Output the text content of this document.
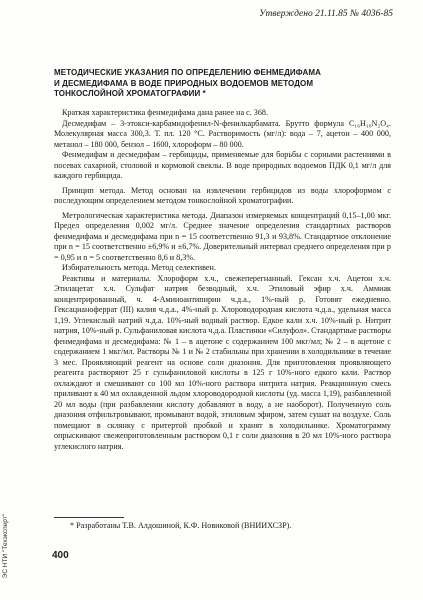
Утверждено 21.11.85 № 4036-85
МЕТОДИЧЕСКИЕ УКАЗАНИЯ ПО ОПРЕДЕЛЕНИЮ ФЕНМЕДИФАМА
И ДЕСМЕДИФАМА В ВОДЕ ПРИРОДНЫХ ВОДОЕМОВ МЕТОДОМ
ТОНКОСЛОЙНОЙ ХРОМАТОГРАФИИ *

Краткая характеристика фенмедифама дана ранее на с. 368.

Десмедифам – 3-этокси-карбамидофенил-N-фенилкарбамата. Брутто формула C₁₆H₁₆N₂O₄. Молекулярная масса 300,3. Т. пл. 120 °С. Растворимость (мг/л): вода – 7, ацетон – 400 000, метанол – 180 000, бензол – 1600, хлороформ – 80 000.

Фенмедифам и десмедифам – гербициды, применяемые для борьбы с сорными растениями в посевах сахарной, столовой и кормовой свеклы. В воде природных водоемов ПДК 0,1 мг/л для каждого гербицида.

Принцип метода. Метод основан на извлечении гербицидов из воды хлороформом с последующим определением методом тонкослойной хроматографии.

Метрологическая характеристика метода. Диапазон измеряемых концентраций 0,15–1,00 мкг. Предел определения 0,002 мг/л. Среднее значение определения стандартных растворов фенмедифама и десмедифама при n = 15 соответственно 91,3 и 93,8%. Стандартное отклонение при n = 15 соответственно ±6,9% и ±6,7%. Доверительный интервал среднего определения при p = 0,95 и n = 5 соответственно 8,6 и 8,3%.

Избирательность метода. Метод селективен.

Реактивы и материалы. Хлороформ х.ч., свежеперегнанный. Гексан х.ч. Ацетон х.ч. Этилацетат х.ч. Сульфат натрия безводный, х.ч. Этиловый эфир х.ч. Аммиак концентрированный, ч. 4-Аминоантипирин ч.д.а., 1%-ный р. Готовят ежедневно. Гексацианоферрат (III) калия ч.д.а., 4%-ный р. Хлороводородная кислота ч.д.а., удельная масса 1,19. Углекислый натрий ч.д.а. 10%-ный водный раствор. Едкое кали х.ч. 10%-ный р. Нитрит натрия, 10%-ный р. Сульфаниловая кислота ч.д.а. Пластинки «Силуфол». Стандартные растворы фенмедифама и десмедифама: № 1 – в ацетоне с содержанием 100 мкг/мл; № 2 – в ацетоне с содержанием 1 мкг/мл. Растворы № 1 и № 2 стабильны при хранении в холодильнике в течение 3 мес. Проявляющий реагент на основе соли диазония. Для приготовления проявляющего реагента растворяют 25 г сульфаниловой кислоты в 125 г 10%-ного едкого кали. Раствор охлаждают и смешивают со 100 мл 10%-ного раствора нитрита натрия. Реакционную смесь приливают к 40 мл охлажденной льдом хлороводородной кислоты (уд. масса 1,19), разбавленной 20 мл воды (при разбавлении кислоту добавляют в воду, а не наоборот). Полученную соль диазония отфильтровывают, промывают водой, этиловым эфиром, затем сушат на воздухе. Соль помещают в склянку с притертой пробкой и хранят в холодильнике. Хроматограмму опрыскивают свежеприготовленным раствором 0,1 г соли диазония в 20 мл 10%-ного раствора углекислого натрия.

* Разработаны Т.В. Алдошиной, К.Ф. Новиковой (ВНИИХСЗР).
400
ЭС НТИ "Техэксперт"
